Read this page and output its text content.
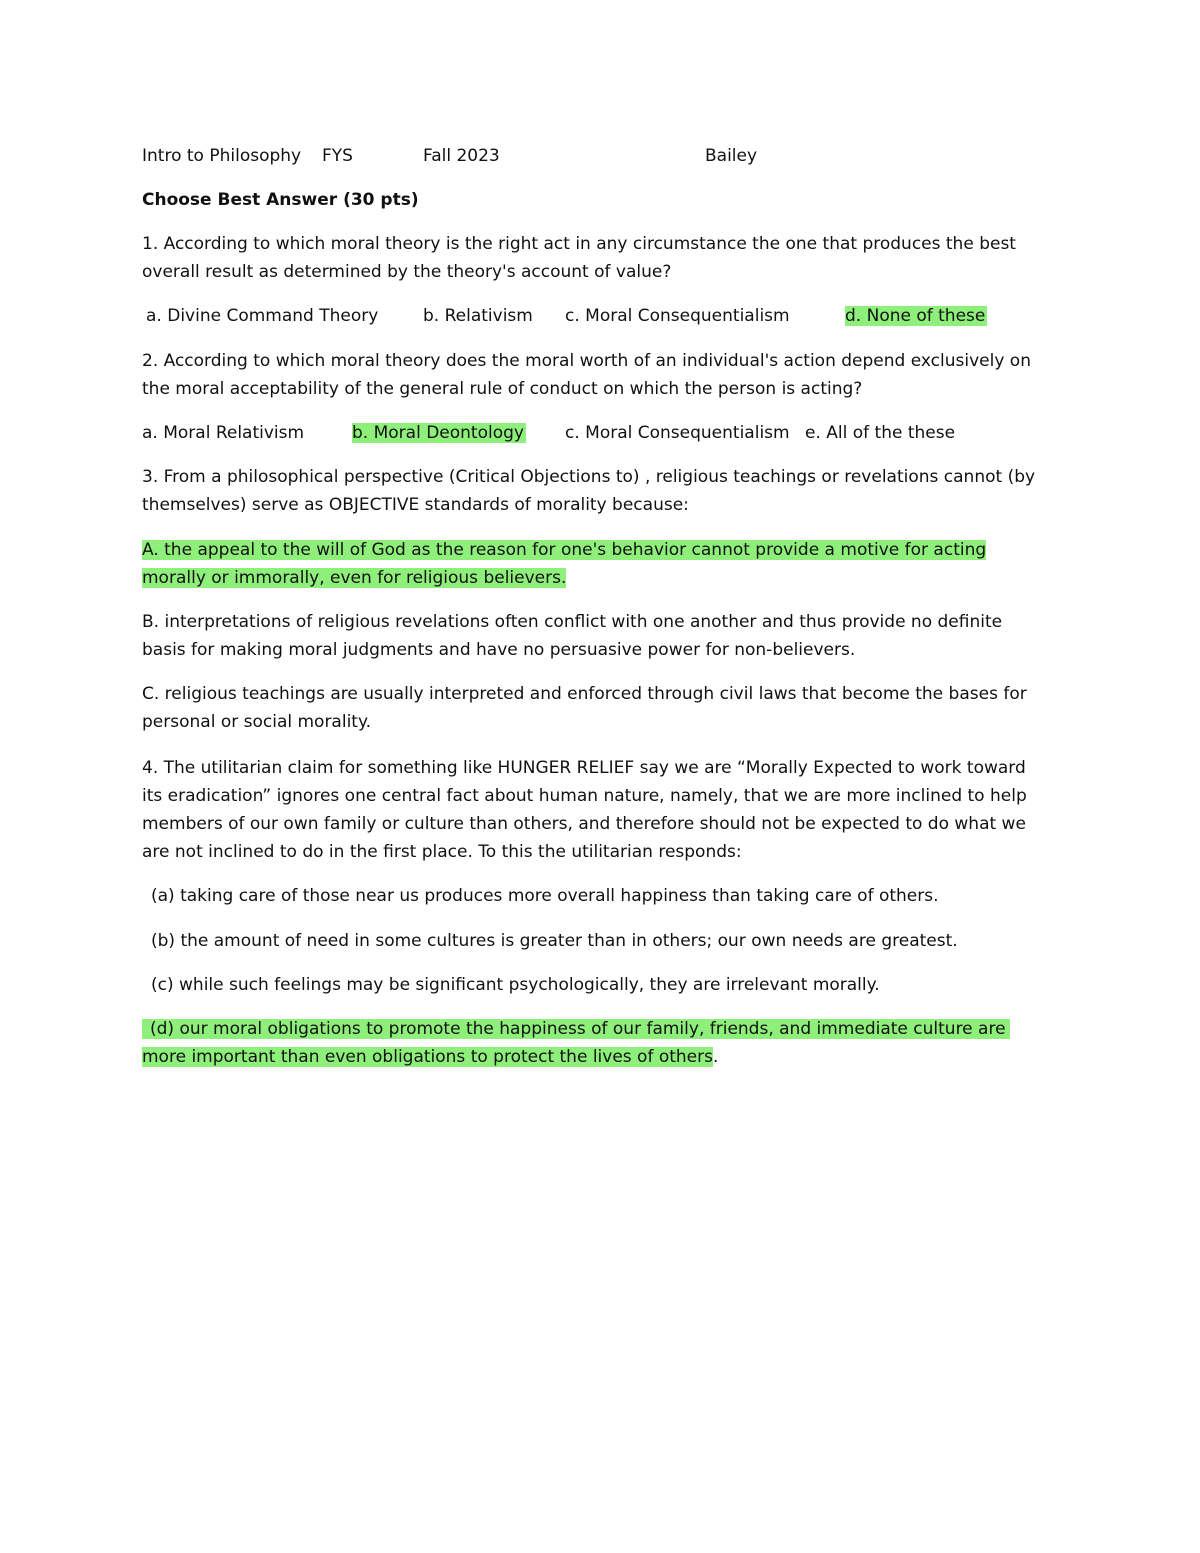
Intro to Philosophy FYS	Fall 2023	Bailey
Choose Best Answer (30 pts)
1. According to which moral theory is the right act in any circumstance the one that produces the best
overall result as determined by the theory's account of value?
a. Divine Command Theory	b. Relativism c. Moral Consequentialism	d. None of these
2. According to which moral theory does the moral worth of an individual's action depend exclusively on
the moral acceptability of the general rule of conduct on which the person is acting?
a. Moral Relativism	b. Moral Deontology c. Moral Consequentialism e. All of the these
3. From a philosophical perspective (Critical Objections to) , religious teachings or revelations cannot (by
themselves) serve as OBJECTIVE standards of morality because:
A. the appeal to the will of God as the reason for one's behavior cannot provide a motive for acting
morally or immorally, even for religious believers.
B. interpretations of religious revelations often conflict with one another and thus provide no definite
basis for making moral judgments and have no persuasive power for non-believers.
C. religious teachings are usually interpreted and enforced through civil laws that become the bases for
personal or social morality.
4. The utilitarian claim for something like HUNGER RELIEF say we are “Morally Expected to work toward
its eradication” ignores one central fact about human nature, namely, that we are more inclined to help
members of our own family or culture than others, and therefore should not be expected to do what we
are not inclined to do in the first place. To this the utilitarian responds:
(a) taking care of those near us produces more overall happiness than taking care of others.
(b) the amount of need in some cultures is greater than in others; our own needs are greatest.
(c) while such feelings may be significant psychologically, they are irrelevant morally.
(d) our moral obligations to promote the happiness of our family, friends, and immediate culture are
more important than even obligations to protect the lives of others.
